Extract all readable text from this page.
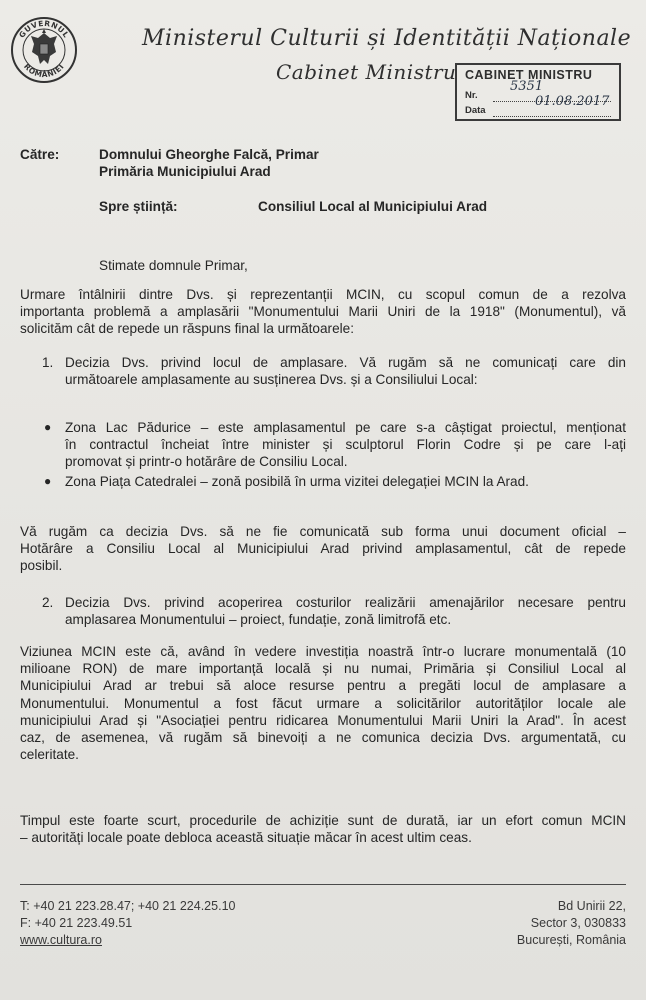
GUVERNUL
ROMÂNIEI
Ministerul Culturii și Identității Naționale
Cabinet Ministru CABINET MINISTRU
Nr.
Data
5351
01.08.2017
Către:	Domnului Gheorghe Falcă, Primar
Primăria Municipiului Arad
Spre știință:	Consiliul Local al Municipiului Arad
Stimate domnule Primar,
Urmare întâlnirii dintre Dvs. și reprezentanții MCIN, cu scopul comun de a rezolva
importanta problemă a amplasării "Monumentului Marii Uniri de la 1918" (Monumentul), vă
solicităm cât de repede un răspuns final la următoarele:
1. Decizia Dvs. privind locul de amplasare. Vă rugăm să ne comunicați care din
următoarele amplasamente au susținerea Dvs. și a Consiliului Local:
● Zona Lac Pădurice – este amplasamentul pe care s-a câștigat proiectul, menționat
în contractul încheiat între minister și sculptorul Florin Codre și pe care l-ați
promovat și printr-o hotărâre de Consiliu Local.
● Zona Piața Catedralei – zonă posibilă în urma vizitei delegației MCIN la Arad.
Vă rugăm ca decizia Dvs. să ne fie comunicată sub forma unui document oficial –
Hotărâre a Consiliu Local al Municipiului Arad privind amplasamentul, cât de repede
posibil.
2. Decizia Dvs. privind acoperirea costurilor realizării amenajărilor necesare pentru
amplasarea Monumentului – proiect, fundație, zonă limitrofă etc.
Viziunea MCIN este că, având în vedere investiția noastră într-o lucrare monumentală (10
milioane RON) de mare importanță locală și nu numai, Primăria și Consiliul Local al
Municipiului Arad ar trebui să aloce resurse pentru a pregăti locul de amplasare a
Monumentului. Monumentul a fost făcut urmare a solicitărilor autorităților locale ale
municipiului Arad și "Asociației pentru ridicarea Monumentului Marii Uniri la Arad". În acest
caz, de asemenea, vă rugăm să binevoiți a ne comunica decizia Dvs. argumentată, cu
celeritate.
Timpul este foarte scurt, procedurile de achiziție sunt de durată, iar un efort comun MCIN
– autorități locale poate debloca această situație măcar în acest ultim ceas.
T: +40 21 223.28.47; +40 21 224.25.10
F: +40 21 223.49.51
www.cultura.ro
Bd Unirii 22,
Sector 3, 030833
București, România
